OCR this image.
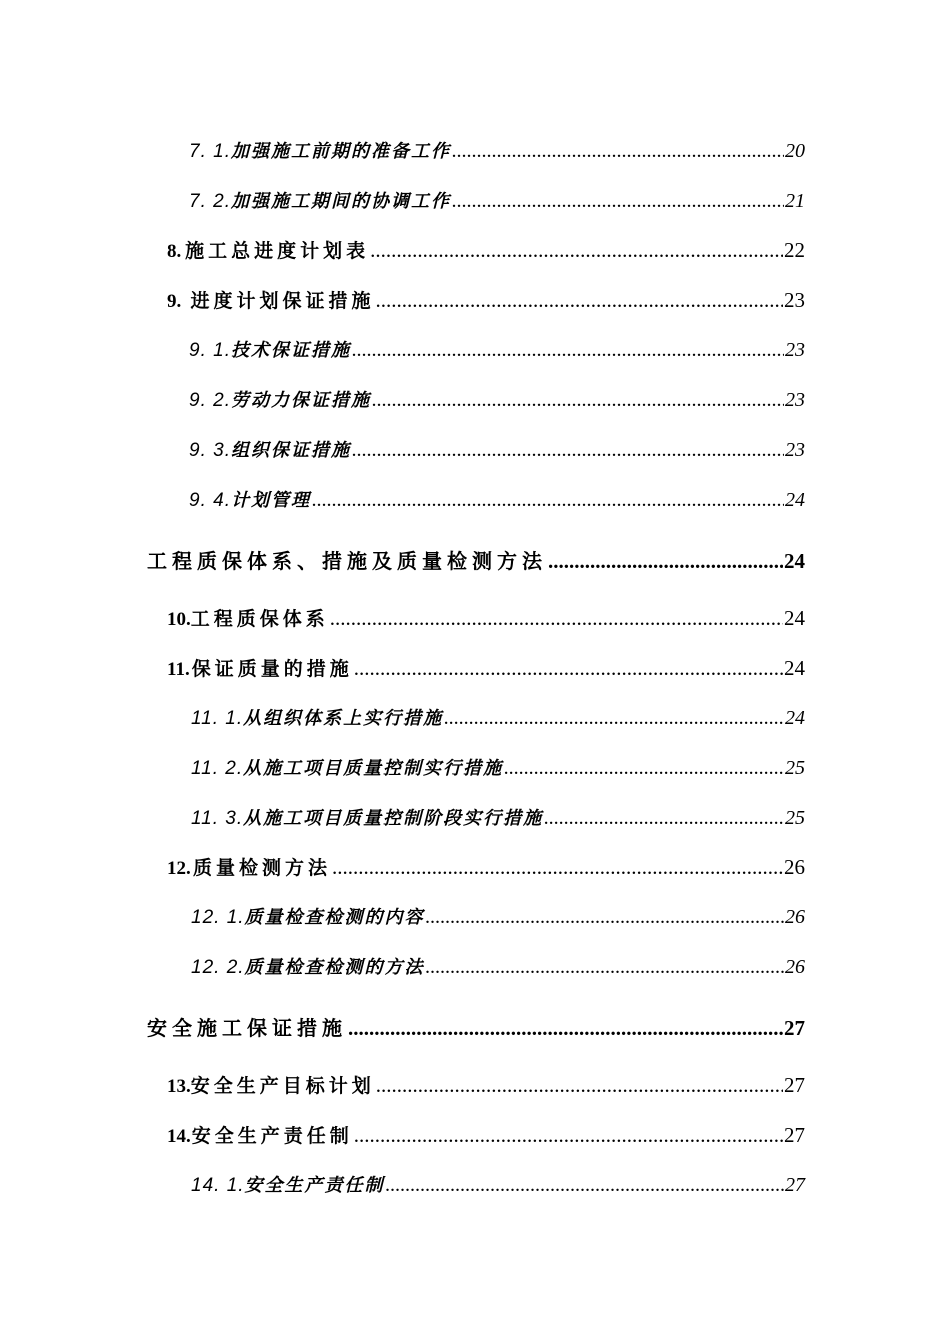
7. 1. 加强施工前期的准备工作 .....	20
7. 2. 加强施工期间的协调工作 .....	21
8. 施工总进度计划表 .....	22
9. 进度计划保证措施 .....	23
9. 1. 技术保证措施 .....	23
9. 2. 劳动力保证措施 .....	23
9. 3. 组织保证措施 .....	23
9. 4. 计划管理 .....	24
工程质保体系、措施及质量检测方法 .....	24
10. 工程质保体系 .....	24
11. 保证质量的措施 .....	24
11. 1. 从组织体系上实行措施 .....	24
11. 2. 从施工项目质量控制实行措施 .....	25
11. 3. 从施工项目质量控制阶段实行措施 .....	25
12. 质量检测方法 .....	26
12. 1. 质量检查检测的内容 .....	26
12. 2. 质量检查检测的方法 .....	26
安全施工保证措施 .....	27
13. 安全生产目标计划 .....	27
14. 安全生产责任制 .....	27
14. 1. 安全生产责任制 .....	27
